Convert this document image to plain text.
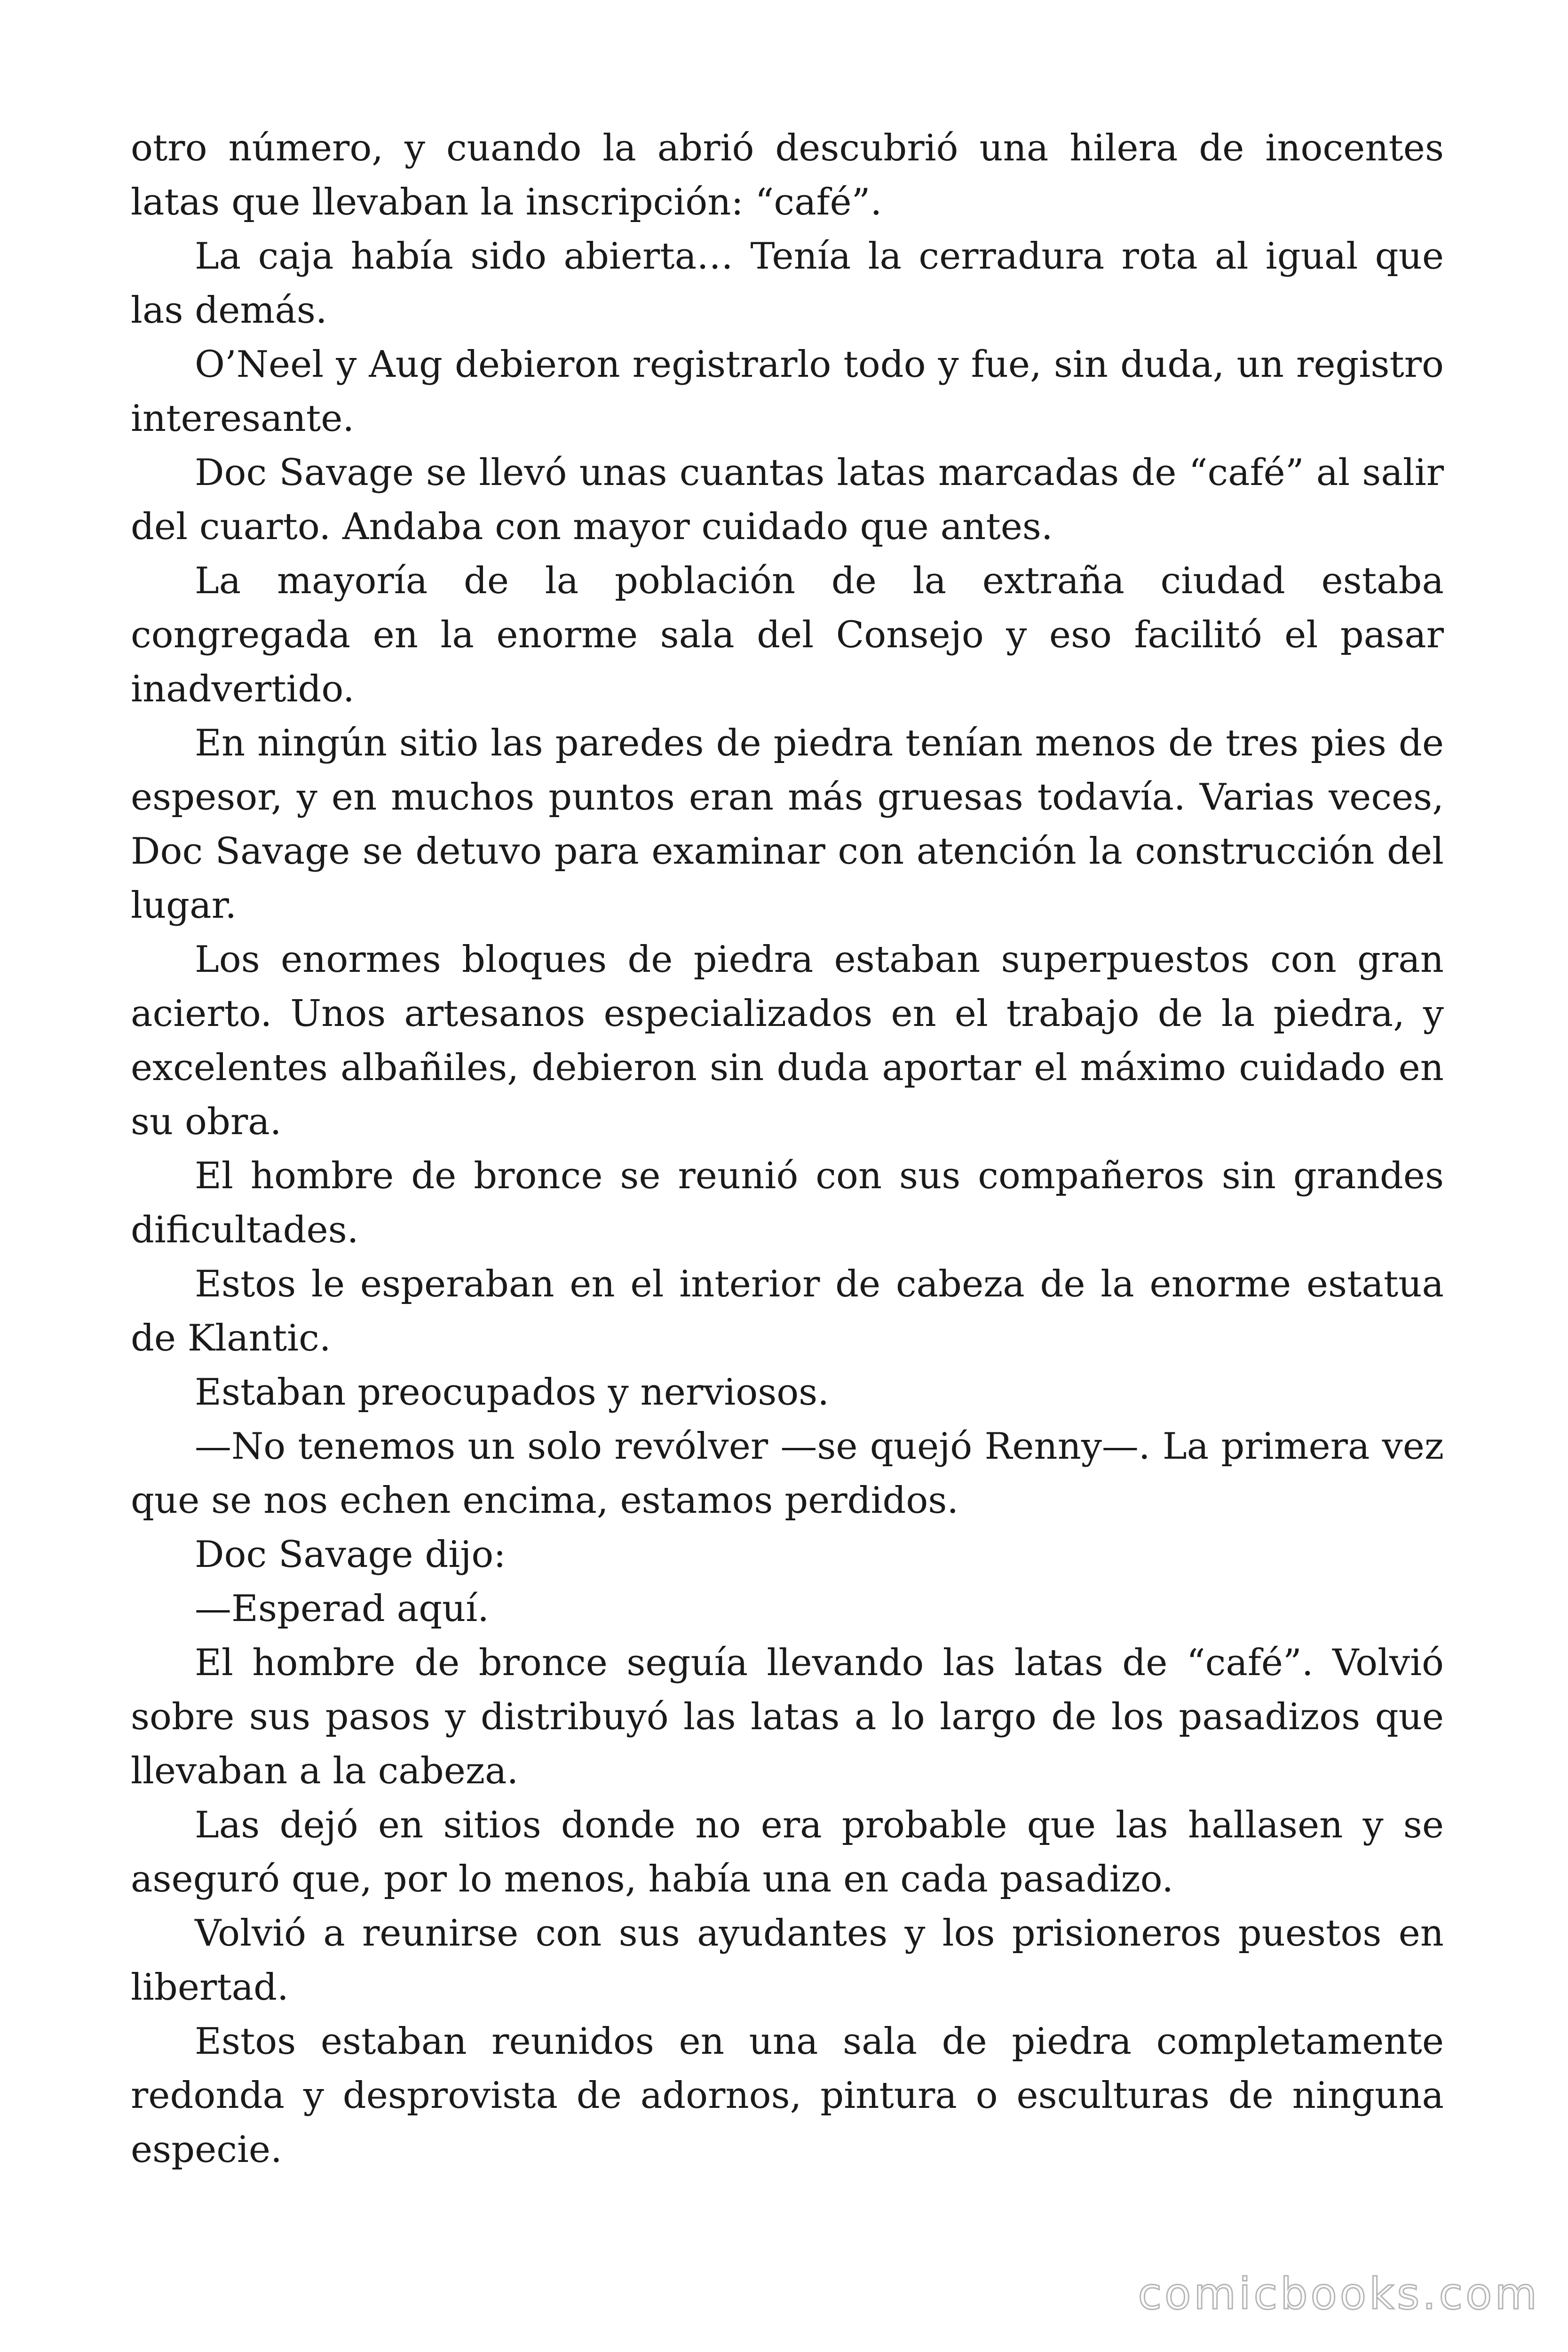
otro número, y cuando la abrió descubrió una hilera de inocentes latas que llevaban la inscripción: “café”.

La caja había sido abierta… Tenía la cerradura rota al igual que las demás.

O’Neel y Aug debieron registrarlo todo y fue, sin duda, un registro interesante.

Doc Savage se llevó unas cuantas latas marcadas de “café” al salir del cuarto. Andaba con mayor cuidado que antes.

La mayoría de la población de la extraña ciudad estaba congregada en la enorme sala del Consejo y eso facilitó el pasar inadvertido.

En ningún sitio las paredes de piedra tenían menos de tres pies de espesor, y en muchos puntos eran más gruesas todavía. Varias veces, Doc Savage se detuvo para examinar con atención la construcción del lugar.

Los enormes bloques de piedra estaban superpuestos con gran acierto. Unos artesanos especializados en el trabajo de la piedra, y excelentes albañiles, debieron sin duda aportar el máximo cuidado en su obra.

El hombre de bronce se reunió con sus compañeros sin grandes dificultades.

Estos le esperaban en el interior de cabeza de la enorme estatua de Klantic.

Estaban preocupados y nerviosos.

—No tenemos un solo revólver —se quejó Renny—. La primera vez que se nos echen encima, estamos perdidos.

Doc Savage dijo:

—Esperad aquí.

El hombre de bronce seguía llevando las latas de “café”. Volvió sobre sus pasos y distribuyó las latas a lo largo de los pasadizos que llevaban a la cabeza.

Las dejó en sitios donde no era probable que las hallasen y se aseguró que, por lo menos, había una en cada pasadizo.

Volvió a reunirse con sus ayudantes y los prisioneros puestos en libertad.

Estos estaban reunidos en una sala de piedra completamente redonda y desprovista de adornos, pintura o esculturas de ninguna especie.

comicbooks.com
